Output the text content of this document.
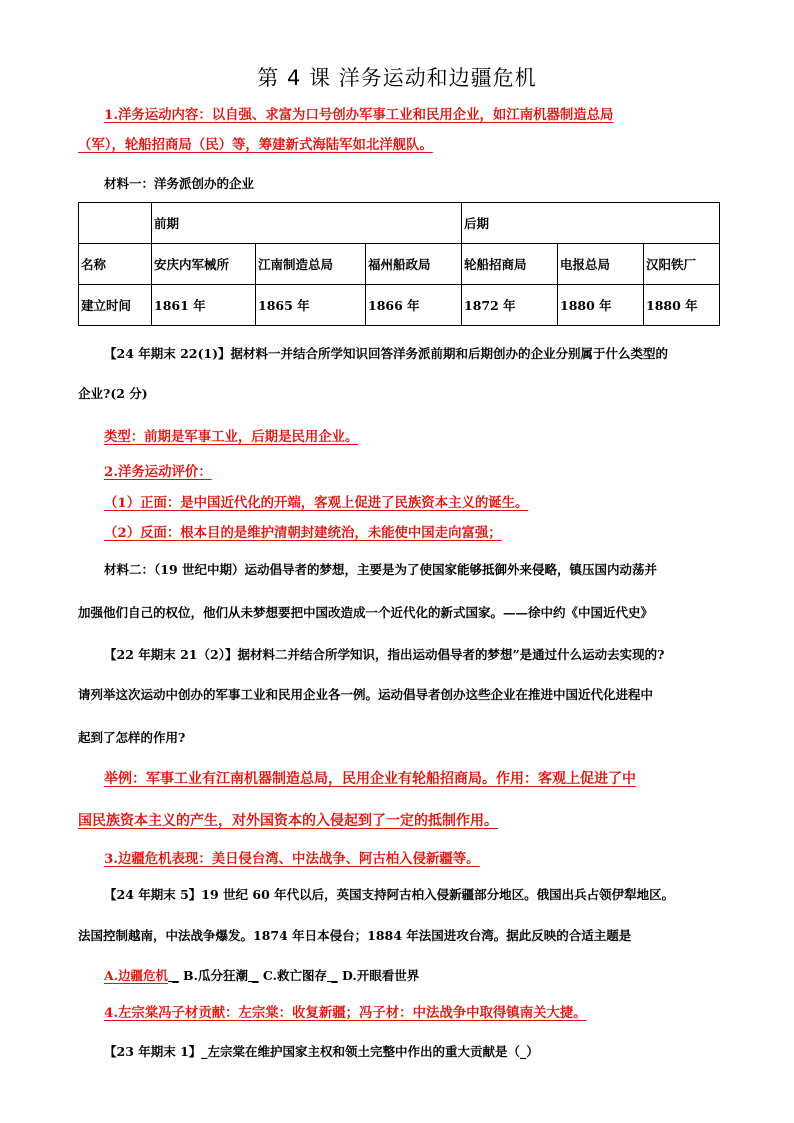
第 4 课 洋务运动和边疆危机
1.洋务运动内容：以自强、求富为口号创办军事工业和民用企业，如江南机器制造总局
（军），轮船招商局（民）等，筹建新式海陆军如北洋舰队。
材料一：洋务派创办的企业
	前期			后期		
名称	安庆内军械所	江南制造总局	福州船政局	轮船招商局	电报总局	汉阳铁厂
建立时间	1861 年	1865 年	1866 年	1872 年	1880 年	1880 年
【24 年期末 22(1)】据材料一并结合所学知识回答洋务派前期和后期创办的企业分别属于什么类型的
企业?(2 分)
类型：前期是军事工业，后期是民用企业。
2.洋务运动评价：
（1）正面：是中国近代化的开端，客观上促进了民族资本主义的诞生。
（2）反面：根本目的是维护清朝封建统治，未能使中国走向富强；
材料二：（19 世纪中期）运动倡导者的梦想，主要是为了使国家能够抵御外来侵略，镇压国内动荡并
加强他们自己的权位，他们从未梦想要把中国改造成一个近代化的新式国家。——徐中约《中国近代史》
【22 年期末 21（2）】据材料二并结合所学知识，指出运动倡导者的梦想”是通过什么运动去实现的?
请列举这次运动中创办的军事工业和民用企业各一例。运动倡导者创办这些企业在推进中国近代化进程中
起到了怎样的作用?
举例：军事工业有江南机器制造总局，民用企业有轮船招商局。作用：客观上促进了中
国民族资本主义的产生，对外国资本的入侵起到了一定的抵制作用。
3.边疆危机表现：美日侵台湾、中法战争、阿古柏入侵新疆等。
【24 年期末 5】19 世纪 60 年代以后，英国支持阿古柏入侵新疆部分地区。俄国出兵占领伊犁地区。
法国控制越南，中法战争爆发。1874 年日本侵台；1884 年法国进攻台湾。据此反映的合适主题是
A.边疆危机 _ B.瓜分狂潮 _ C.救亡图存 _ D.开眼看世界
4.左宗棠冯子材贡献：左宗棠：收复新疆；冯子材：中法战争中取得镇南关大捷。
【23 年期末 1】_左宗棠在维护国家主权和领土完整中作出的重大贡献是（_）
